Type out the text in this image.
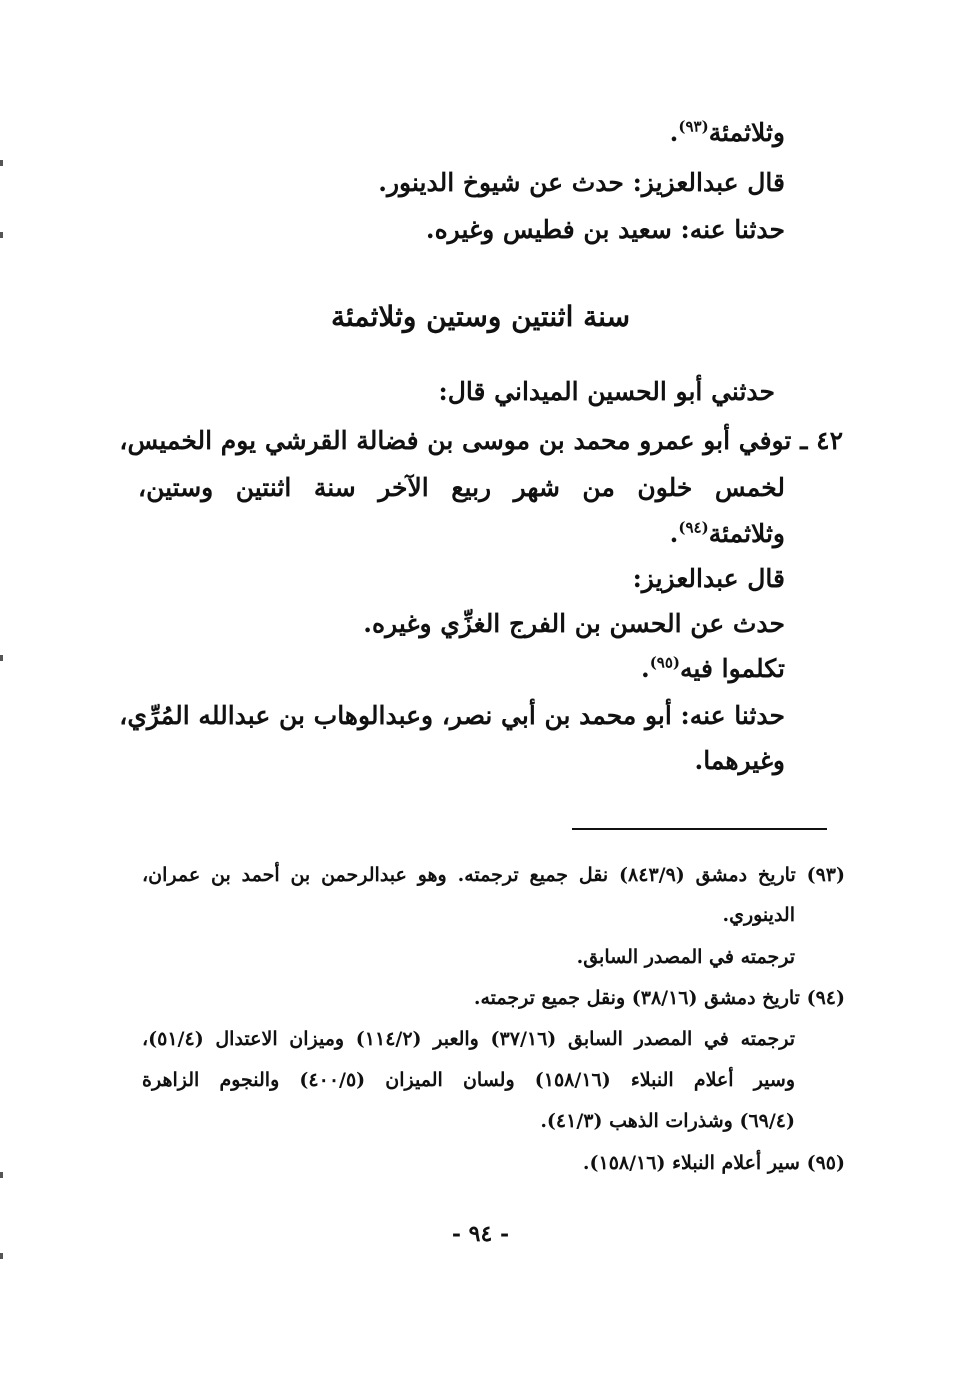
وثلاثمئة$^{(٩٣)}$.
قال عبدالعزيز: حدث عن شيوخ الدينور.
حدثنا عنه: سعيد بن فطيس وغيره.
سنة اثنتين وستين وثلاثمئة
حدثني أبو الحسين الميداني قال:
٤٢ ـ توفي أبو عمرو محمد بن موسى بن فضالة القرشي يوم الخميس،
لخمس خلون من شهر ربيع الآخر سنة اثنتين وستين،
وثلاثمئة$^{(٩٤)}$.
قال عبدالعزيز:
حدث عن الحسن بن الفرج الغزِّي وغيره.
تكلموا فيه$^{(٩٥)}$.
حدثنا عنه: أبو محمد بن أبي نصر، وعبدالوهاب بن عبدالله المُرِّي،
وغيرهما.
(٩٣) تاريخ دمشق (٨٤٣/٩) نقل جميع ترجمته. وهو عبدالرحمن بن أحمد بن عمران،
الدينوري.
ترجمته في المصدر السابق.
(٩٤) تاريخ دمشق (٣٨/١٦) ونقل جميع ترجمته.
ترجمته في المصدر السابق (٣٧/١٦) والعبر (١١٤/٢) وميزان الاعتدال (٥١/٤)،
وسير أعلام النبلاء (١٥٨/١٦) ولسان الميزان (٤٠٠/٥) والنجوم الزاهرة
(٦٩/٤) وشذرات الذهب (٤١/٣).
(٩٥) سير أعلام النبلاء (١٥٨/١٦).
- ٩٤ -
